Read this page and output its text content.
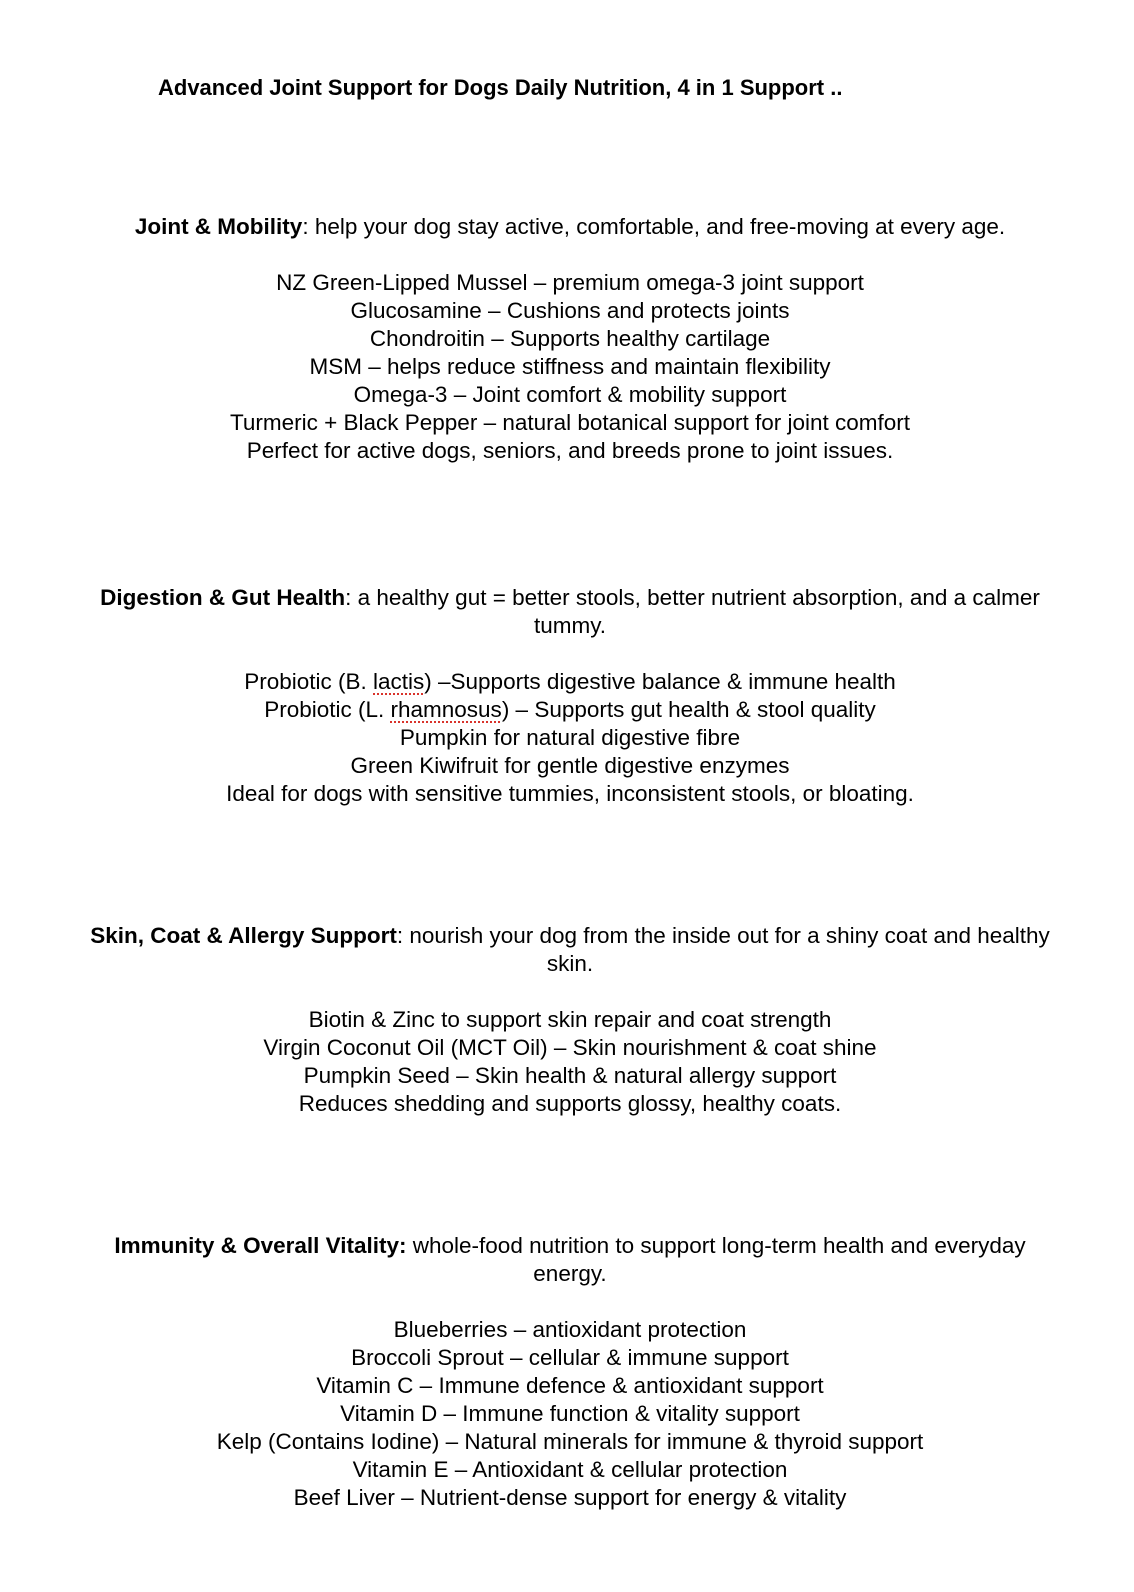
Advanced Joint Support for Dogs Daily Nutrition, 4 in 1 Support ..

Joint & Mobility: help your dog stay active, comfortable, and free-moving at every age.

NZ Green-Lipped Mussel – premium omega-3 joint support
Glucosamine – Cushions and protects joints
Chondroitin – Supports healthy cartilage
MSM – helps reduce stiffness and maintain flexibility
Omega-3 – Joint comfort & mobility support
Turmeric + Black Pepper – natural botanical support for joint comfort
Perfect for active dogs, seniors, and breeds prone to joint issues.

Digestion & Gut Health: a healthy gut = better stools, better nutrient absorption, and a calmer tummy.

Probiotic (B. lactis) –Supports digestive balance & immune health
Probiotic (L. rhamnosus) – Supports gut health & stool quality
Pumpkin for natural digestive fibre
Green Kiwifruit for gentle digestive enzymes
Ideal for dogs with sensitive tummies, inconsistent stools, or bloating.

Skin, Coat & Allergy Support: nourish your dog from the inside out for a shiny coat and healthy skin.

Biotin & Zinc to support skin repair and coat strength
Virgin Coconut Oil (MCT Oil) – Skin nourishment & coat shine
Pumpkin Seed – Skin health & natural allergy support
Reduces shedding and supports glossy, healthy coats.

Immunity & Overall Vitality: whole-food nutrition to support long-term health and everyday energy.

Blueberries – antioxidant protection
Broccoli Sprout – cellular & immune support
Vitamin C – Immune defence & antioxidant support
Vitamin D – Immune function & vitality support
Kelp (Contains Iodine) – Natural minerals for immune & thyroid support
Vitamin E – Antioxidant & cellular protection
Beef Liver – Nutrient-dense support for energy & vitality
